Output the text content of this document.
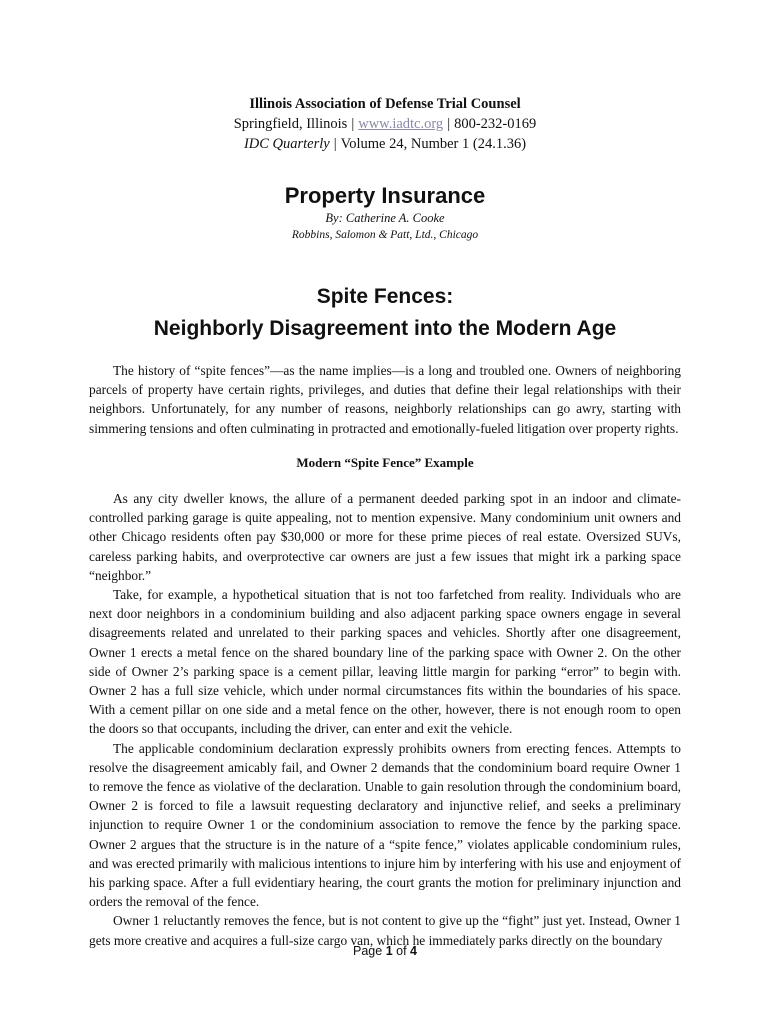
Illinois Association of Defense Trial Counsel
Springfield, Illinois | www.iadtc.org | 800-232-0169
IDC Quarterly | Volume 24, Number 1 (24.1.36)
Property Insurance
By: Catherine A. Cooke
Robbins, Salomon & Patt, Ltd., Chicago
Spite Fences:
Neighborly Disagreement into the Modern Age

The history of “spite fences”—as the name implies—is a long and troubled one. Owners of neighboring parcels of property have certain rights, privileges, and duties that define their legal relationships with their neighbors. Unfortunately, for any number of reasons, neighborly relationships can go awry, starting with simmering tensions and often culminating in protracted and emotionally-fueled litigation over property rights.

Modern “Spite Fence” Example

As any city dweller knows, the allure of a permanent deeded parking spot in an indoor and climate-controlled parking garage is quite appealing, not to mention expensive. Many condominium unit owners and other Chicago residents often pay $30,000 or more for these prime pieces of real estate. Oversized SUVs, careless parking habits, and overprotective car owners are just a few issues that might irk a parking space “neighbor.”

Take, for example, a hypothetical situation that is not too farfetched from reality. Individuals who are next door neighbors in a condominium building and also adjacent parking space owners engage in several disagreements related and unrelated to their parking spaces and vehicles. Shortly after one disagreement, Owner 1 erects a metal fence on the shared boundary line of the parking space with Owner 2. On the other side of Owner 2’s parking space is a cement pillar, leaving little margin for parking “error” to begin with. Owner 2 has a full size vehicle, which under normal circumstances fits within the boundaries of his space. With a cement pillar on one side and a metal fence on the other, however, there is not enough room to open the doors so that occupants, including the driver, can enter and exit the vehicle.

The applicable condominium declaration expressly prohibits owners from erecting fences. Attempts to resolve the disagreement amicably fail, and Owner 2 demands that the condominium board require Owner 1 to remove the fence as violative of the declaration. Unable to gain resolution through the condominium board, Owner 2 is forced to file a lawsuit requesting declaratory and injunctive relief, and seeks a preliminary injunction to require Owner 1 or the condominium association to remove the fence by the parking space. Owner 2 argues that the structure is in the nature of a “spite fence,” violates applicable condominium rules, and was erected primarily with malicious intentions to injure him by interfering with his use and enjoyment of his parking space. After a full evidentiary hearing, the court grants the motion for preliminary injunction and orders the removal of the fence.

Owner 1 reluctantly removes the fence, but is not content to give up the “fight” just yet. Instead, Owner 1 gets more creative and acquires a full-size cargo van, which he immediately parks directly on the boundary

Page 1 of 4
